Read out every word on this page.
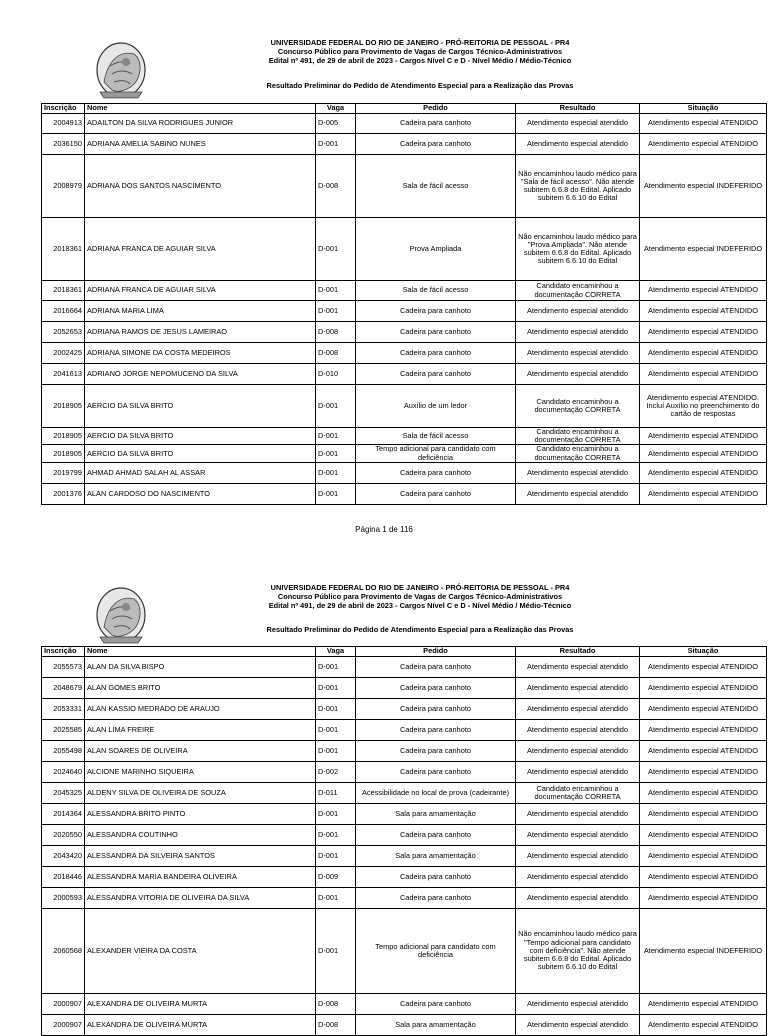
UNIVERSIDADE FEDERAL DO RIO DE JANEIRO - PRÓ-REITORIA DE PESSOAL - PR4
Concurso Público para Provimento de Vagas de Cargos Técnico-Administrativos
Edital nº 491, de 29 de abril de 2023 - Cargos Nível C e D - Nível Médio / Médio-Técnico
Resultado Preliminar do Pedido de Atendimento Especial para a Realização das Provas
Inscrição	Nome	Vaga	Pedido	Resultado	Situação
2004913	ADAILTON DA SILVA RODRIGUES JUNIOR	D-005	Cadeira para canhoto	Atendimento especial atendido	Atendimento especial ATENDIDO
2036150	ADRIANA AMELIA SABINO NUNES	D-001	Cadeira para canhoto	Atendimento especial atendido	Atendimento especial ATENDIDO
2008979	ADRIANA DOS SANTOS NASCIMENTO	D-008	Sala de fácil acesso	Não encaminhou laudo médico para "Sala de fácil acesso". Não atende subitem 6.6.8 do Edital. Aplicado subitem 6.6.10 do Edital	Atendimento especial INDEFERIDO
2018361	ADRIANA FRANCA DE AGUIAR SILVA	D-001	Prova Ampliada	Não encaminhou laudo médico para "Prova Ampliada". Não atende subitem 6.6.8 do Edital. Aplicado subitem 6.6.10 do Edital	Atendimento especial INDEFERIDO
2018361	ADRIANA FRANCA DE AGUIAR SILVA	D-001	Sala de fácil acesso	Candidato encaminhou a documentação CORRETA	Atendimento especial ATENDIDO
2016664	ADRIANA MARIA LIMA	D-001	Cadeira para canhoto	Atendimento especial atendido	Atendimento especial ATENDIDO
2052653	ADRIANA RAMOS DE JESUS LAMEIRAO	D-008	Cadeira para canhoto	Atendimento especial atendido	Atendimento especial ATENDIDO
2002425	ADRIANA SIMONE DA COSTA MEDEIROS	D-008	Cadeira para canhoto	Atendimento especial atendido	Atendimento especial ATENDIDO
2041613	ADRIANO JORGE NEPOMUCENO DA SILVA	D-010	Cadeira para canhoto	Atendimento especial atendido	Atendimento especial ATENDIDO
2018905	AERCIO DA SILVA BRITO	D-001	Auxílio de um ledor	Candidato encaminhou a documentação CORRETA	Atendimento especial ATENDIDO. Incluí Auxílio no preenchimento do cartão de respostas
2018905	AERCIO DA SILVA BRITO	D-001	Sala de fácil acesso	Candidato encaminhou a documentação CORRETA	Atendimento especial ATENDIDO
2018905	AERCIO DA SILVA BRITO	D-001	Tempo adicional para candidato com deficiência	Candidato encaminhou a documentação CORRETA	Atendimento especial ATENDIDO
2019799	AHMAD AHMAD SALAH AL ASSAR	D-001	Cadeira para canhoto	Atendimento especial atendido	Atendimento especial ATENDIDO
2001376	ALAN CARDOSO DO NASCIMENTO	D-001	Cadeira para canhoto	Atendimento especial atendido	Atendimento especial ATENDIDO
Página 1 de 116
UNIVERSIDADE FEDERAL DO RIO DE JANEIRO - PRÓ-REITORIA DE PESSOAL - PR4
Concurso Público para Provimento de Vagas de Cargos Técnico-Administrativos
Edital nº 491, de 29 de abril de 2023 - Cargos Nível C e D - Nível Médio / Médio-Técnico
Resultado Preliminar do Pedido de Atendimento Especial para a Realização das Provas
Inscrição	Nome	Vaga	Pedido	Resultado	Situação
2055573	ALAN DA SILVA BISPO	D-001	Cadeira para canhoto	Atendimento especial atendido	Atendimento especial ATENDIDO
2048679	ALAN GOMES BRITO	D-001	Cadeira para canhoto	Atendimento especial atendido	Atendimento especial ATENDIDO
2053331	ALAN KASSIO MEDRADO DE ARAUJO	D-001	Cadeira para canhoto	Atendimento especial atendido	Atendimento especial ATENDIDO
2025585	ALAN LIMA FREIRE	D-001	Cadeira para canhoto	Atendimento especial atendido	Atendimento especial ATENDIDO
2055498	ALAN SOARES DE OLIVEIRA	D-001	Cadeira para canhoto	Atendimento especial atendido	Atendimento especial ATENDIDO
2024640	ALCIONE MARINHO SIQUEIRA	D-002	Cadeira para canhoto	Atendimento especial atendido	Atendimento especial ATENDIDO
2045325	ALDENY SILVA DE OLIVEIRA DE SOUZA	D-011	Acessibilidade no local de prova (cadeirante)	Candidato encaminhou a documentação CORRETA	Atendimento especial ATENDIDO
2014364	ALESSANDRA BRITO PINTO	D-001	Sala para amamentação	Atendimento especial atendido	Atendimento especial ATENDIDO
2020550	ALESSANDRA COUTINHO	D-001	Cadeira para canhoto	Atendimento especial atendido	Atendimento especial ATENDIDO
2043420	ALESSANDRA DA SILVEIRA SANTOS	D-001	Sala para amamentação	Atendimento especial atendido	Atendimento especial ATENDIDO
2018446	ALESSANDRA MARIA BANDEIRA OLIVEIRA	D-009	Cadeira para canhoto	Atendimento especial atendido	Atendimento especial ATENDIDO
2000593	ALESSANDRA VITORIA DE OLIVEIRA DA SILVA	D-001	Cadeira para canhoto	Atendimento especial atendido	Atendimento especial ATENDIDO
2060568	ALEXANDER VIEIRA DA COSTA	D-001	Tempo adicional para candidato com deficiência	Não encaminhou laudo médico para "Tempo adicional para candidato com deficiência". Não atende subitem 6.6.8 do Edital. Aplicado subitem 6.6.10 do Edital	Atendimento especial INDEFERIDO
2000907	ALEXANDRA DE OLIVEIRA MURTA	D-008	Cadeira para canhoto	Atendimento especial atendido	Atendimento especial ATENDIDO
2000907	ALEXANDRA DE OLIVEIRA MURTA	D-008	Sala para amamentação	Atendimento especial atendido	Atendimento especial ATENDIDO
